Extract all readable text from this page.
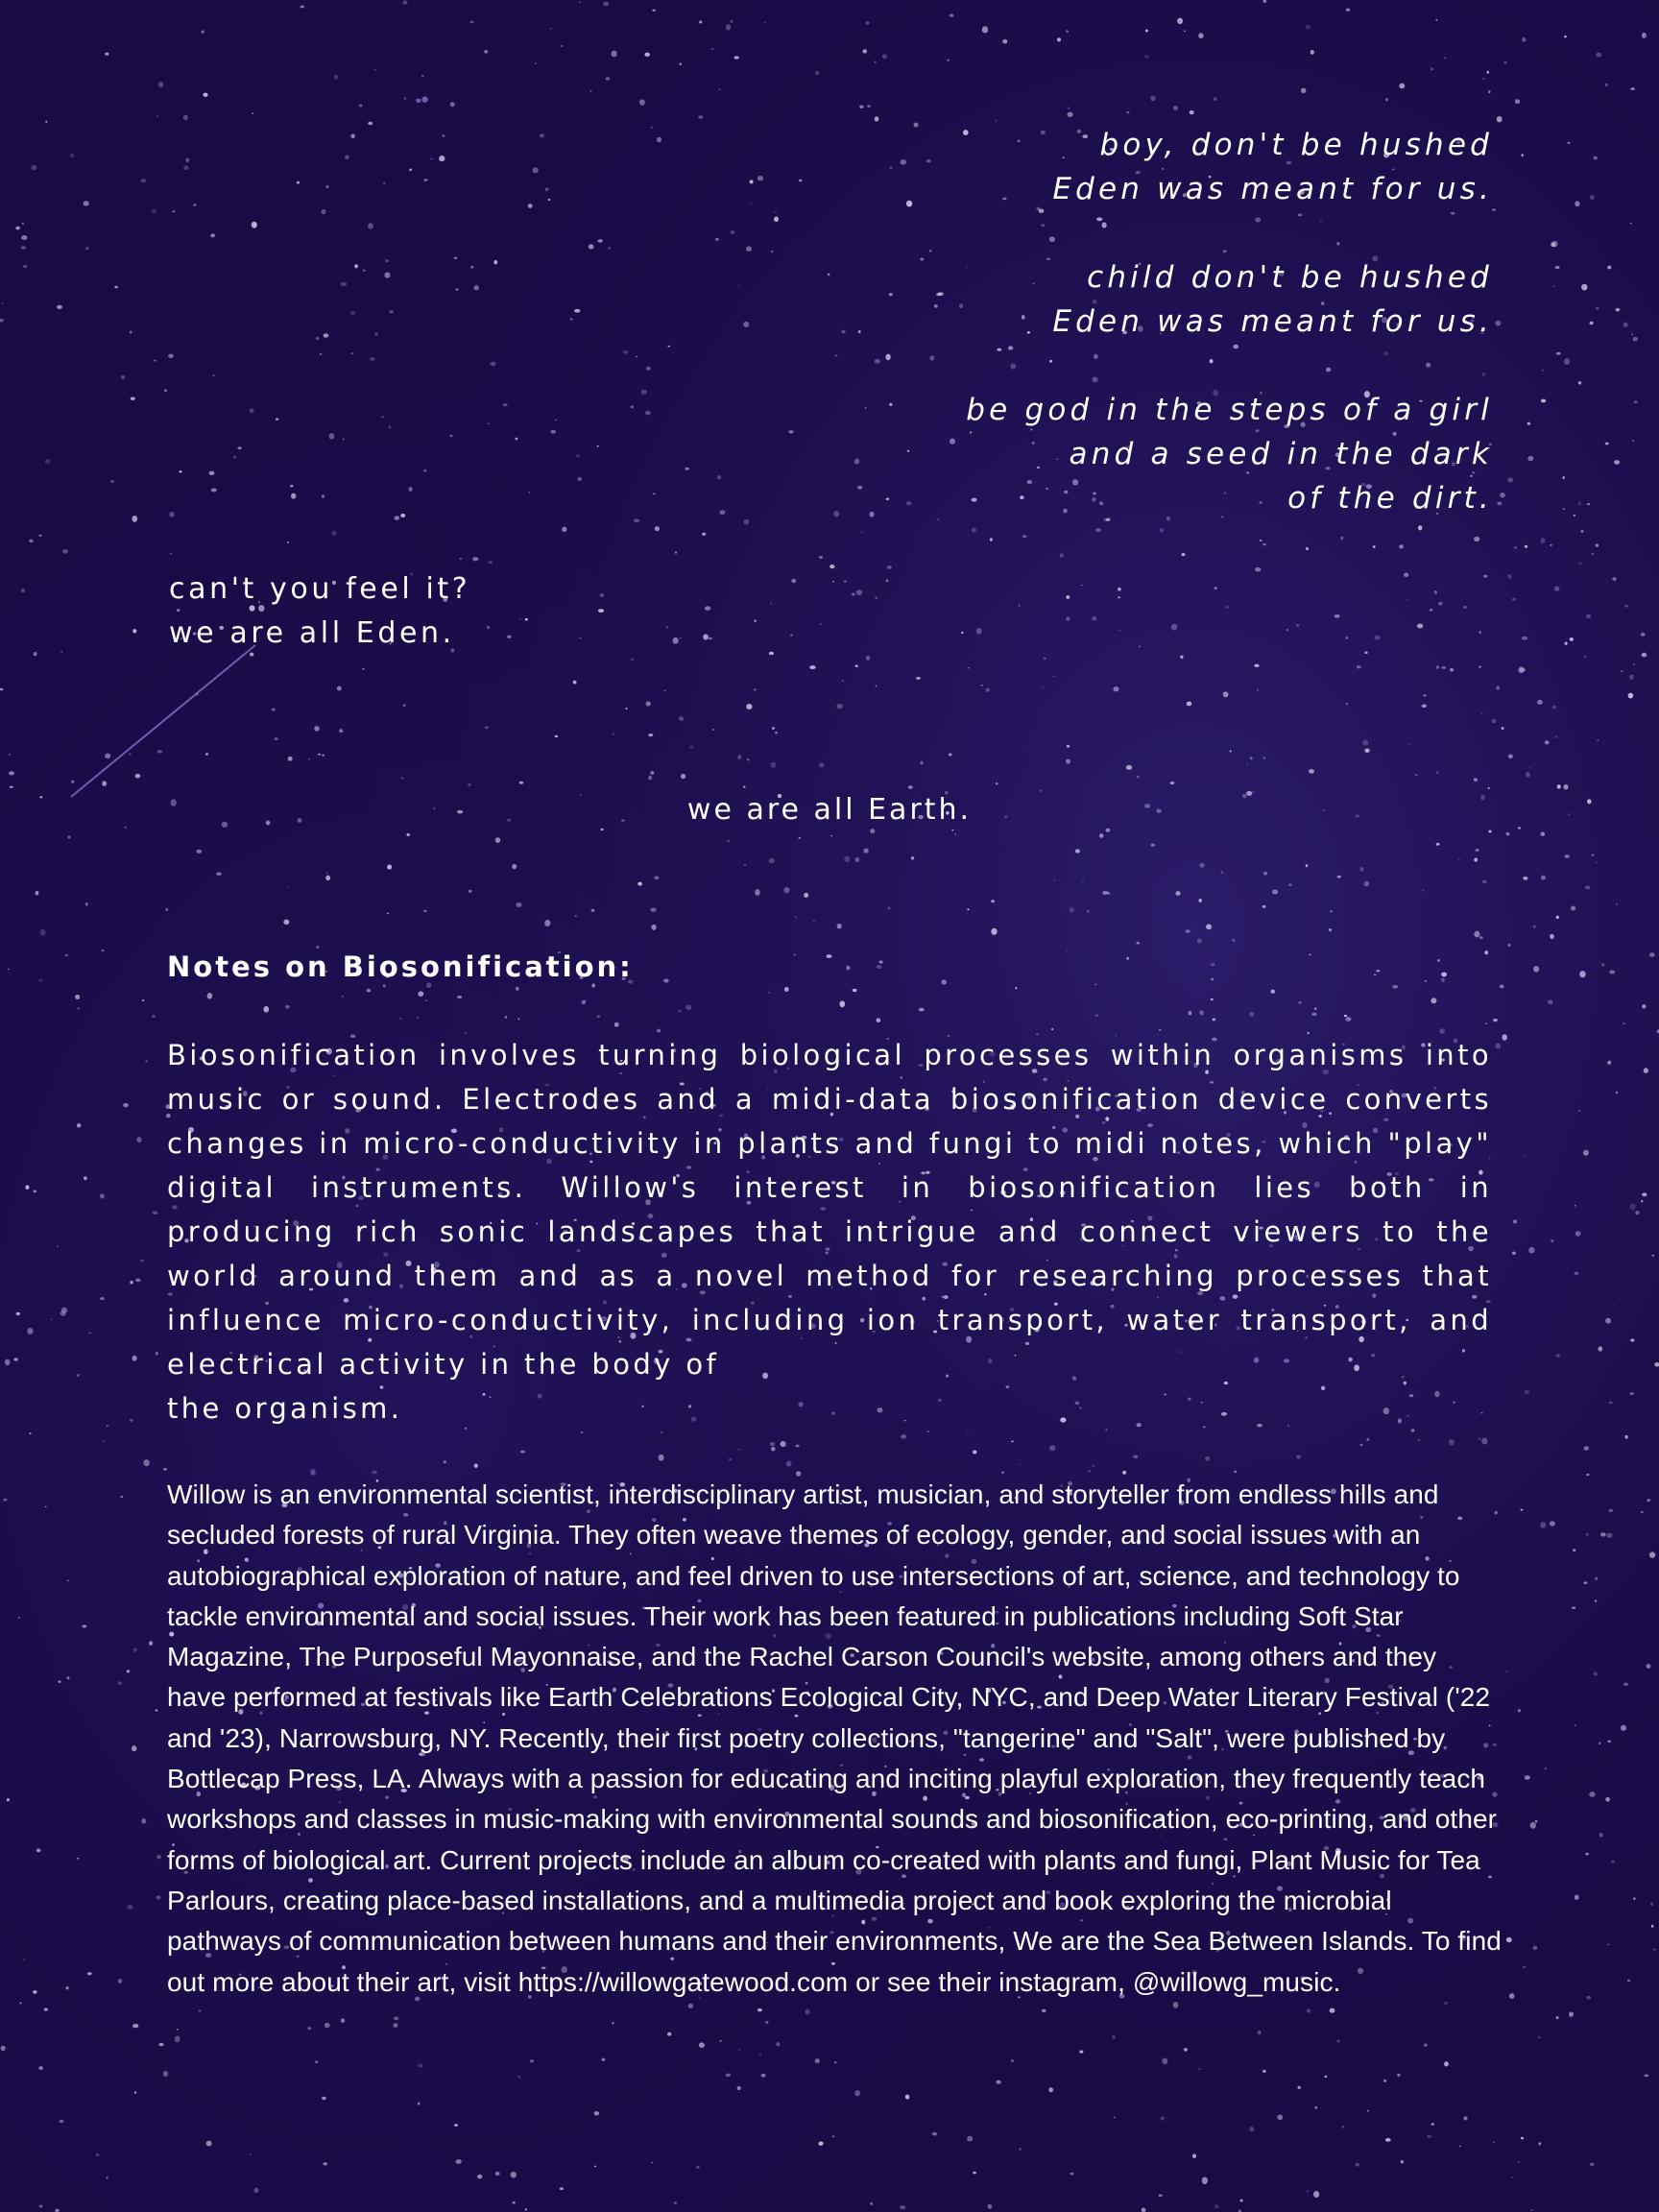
boy, don't be hushed
Eden was meant for us.
child don't be hushed
Eden was meant for us.
be god in the steps of a girl
and a seed in the dark
of the dirt.
can't you feel it?
we are all Eden.
we are all Earth.
Notes on Biosonification:

Biosonification involves turning biological processes within organisms into music or sound. Electrodes and a midi-data biosonification device converts changes in micro-conductivity in plants and fungi to midi notes, which "play" digital instruments. Willow's interest in biosonification lies both in producing rich sonic landscapes that intrigue and connect viewers to the world around them and as a novel method for researching processes that influence micro-conductivity, including ion transport, water transport, and electrical activity in the body of
the organism.

Willow is an environmental scientist, interdisciplinary artist, musician, and storyteller from endless hills and secluded forests of rural Virginia. They often weave themes of ecology, gender, and social issues with an autobiographical exploration of nature, and feel driven to use intersections of art, science, and technology to tackle environmental and social issues. Their work has been featured in publications including Soft Star Magazine, The Purposeful Mayonnaise, and the Rachel Carson Council's website, among others and they have performed at festivals like Earth Celebrations Ecological City, NYC, and Deep Water Literary Festival ('22 and '23), Narrowsburg, NY. Recently, their first poetry collections, "tangerine" and "Salt", were published by Bottlecap Press, LA. Always with a passion for educating and inciting playful exploration, they frequently teach workshops and classes in music-making with environmental sounds and biosonification, eco-printing, and other forms of biological art. Current projects include an album co-created with plants and fungi, Plant Music for Tea Parlours, creating place-based installations, and a multimedia project and book exploring the microbial pathways of communication between humans and their environments, We are the Sea Between Islands. To find out more about their art, visit https://willowgatewood.com or see their instagram, @willowg_music.
